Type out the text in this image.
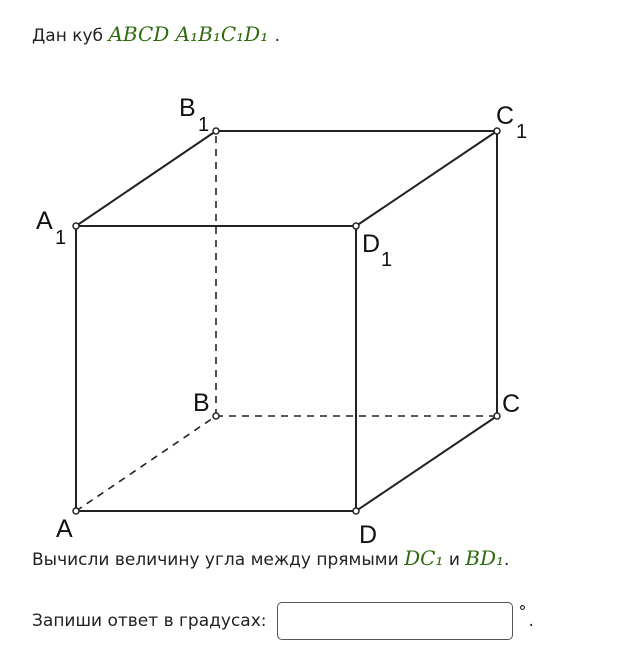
Дан куб ABCD A₁B₁C₁D₁ .
A
B	C
D
A
1
B
1	C
1
D
1
Вычисли величину угла между прямыми DC₁ и BD₁.
Запиши ответ в градусах:	° .
